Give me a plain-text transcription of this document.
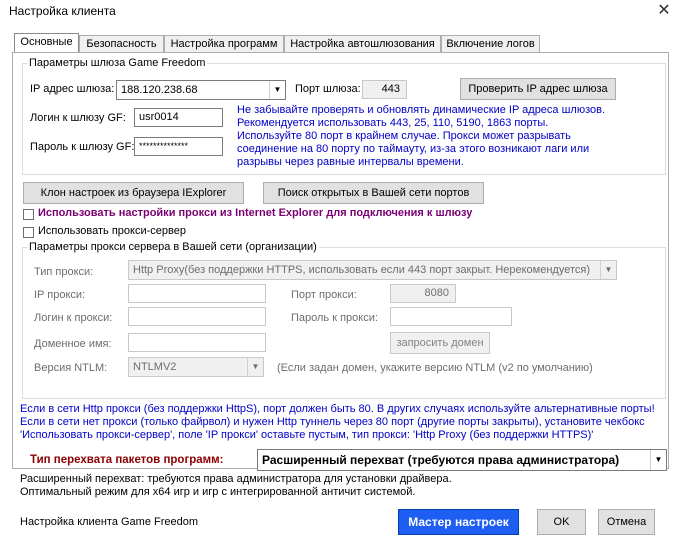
Настройка клиента	✕
Основные	Безопасность	Настройка программ	Настройка автошлюзования	Включение логов
Параметры шлюза Game Freedom
IP адрес шлюза: 188.120.238.68	▼	Порт шлюза:	443	Проверить IP адрес шлюза
Логин к шлюзу GF:	usr0014
Пароль к шлюзу GF: **************
Не забывайте проверять и обновлять динамические IP адреса шлюзов.
Рекомендуется использовать 443, 25, 110, 5190, 1863 порты.
Используйте 80 порт в крайнем случае. Прокси может разрывать
соединение на 80 порту по таймауту, из-за этого возникают лаги или
разрывы через равные интервалы времени.
Клон настроек из браузера IExplorer	Поиск открытых в Вашей сети портов
Использовать настройки прокси из Internet Explorer для подключения к шлюзу
Использовать прокси-сервер
Параметры прокси сервера в Вашей сети (организации)
Тип прокси:	Http Proxy(без поддержки HTTPS, использовать если 443 порт закрыт. Нерекомендуется)	▼
IP прокси:	Порт прокси:	8080
Логин к прокси:	Пароль к прокси:
Доменное имя:	запросить домен
Версия NTLM:	NTLMV2	▼	(Если задан домен, укажите версию NTLM (v2 по умолчанию)
Если в сети Http прокси (без поддержки HttpS), порт должен быть 80. В других случаях используйте альтернативные порты!
Если в сети нет прокси (только файрвол) и нужен Http туннель через 80 порт (другие порты закрыты), установите чекбокс
'Использовать прокси-сервер', поле 'IP прокси' оставьте пустым, тип прокси: 'Http Proxy (без поддержки HTTPS)'
Тип перехвата пакетов программ:	Расширенный перехват (требуются права администратора)	▼
Расширенный перехват: требуются права администратора для установки драйвера.
Оптимальный режим для x64 игр и игр с интегрированной античит системой.
Настройка клиента Game Freedom	Мастер настроек	OK	Отмена
